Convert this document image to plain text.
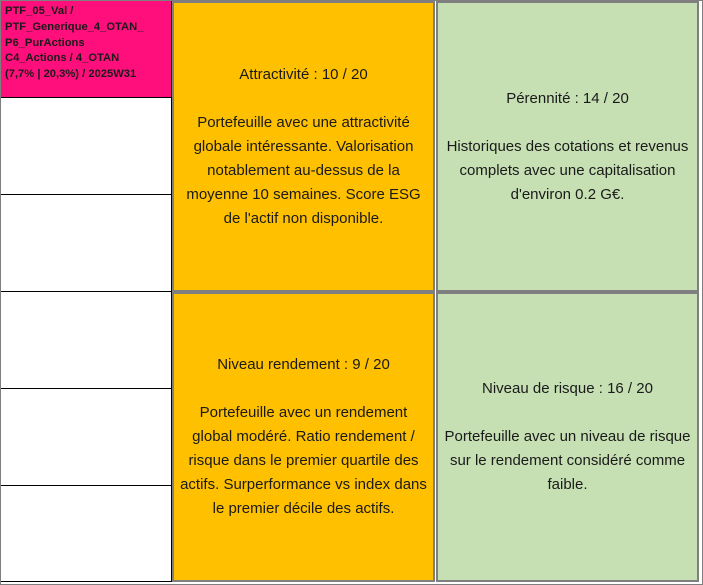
PTF_05_Val /
PTF_Generique_4_OTAN_
P6_PurActions
C4_Actions / 4_OTAN
(7,7% | 20,3%) / 2025W31	Attractivité : 10 / 20
Portefeuille avec une attractivité globale intéressante. Valorisation notablement au-dessus de la moyenne 10 semaines. Score ESG de l'actif non disponible.
Pérennité : 14 / 20
Historiques des cotations et revenus complets avec une capitalisation d'environ 0.2 G€.
Niveau rendement : 9 / 20
Portefeuille avec un rendement global modéré. Ratio rendement / risque dans le premier quartile des actifs. Surperformance vs index dans le premier décile des actifs.
Niveau de risque : 16 / 20
Portefeuille avec un niveau de risque sur le rendement considéré comme faible.
